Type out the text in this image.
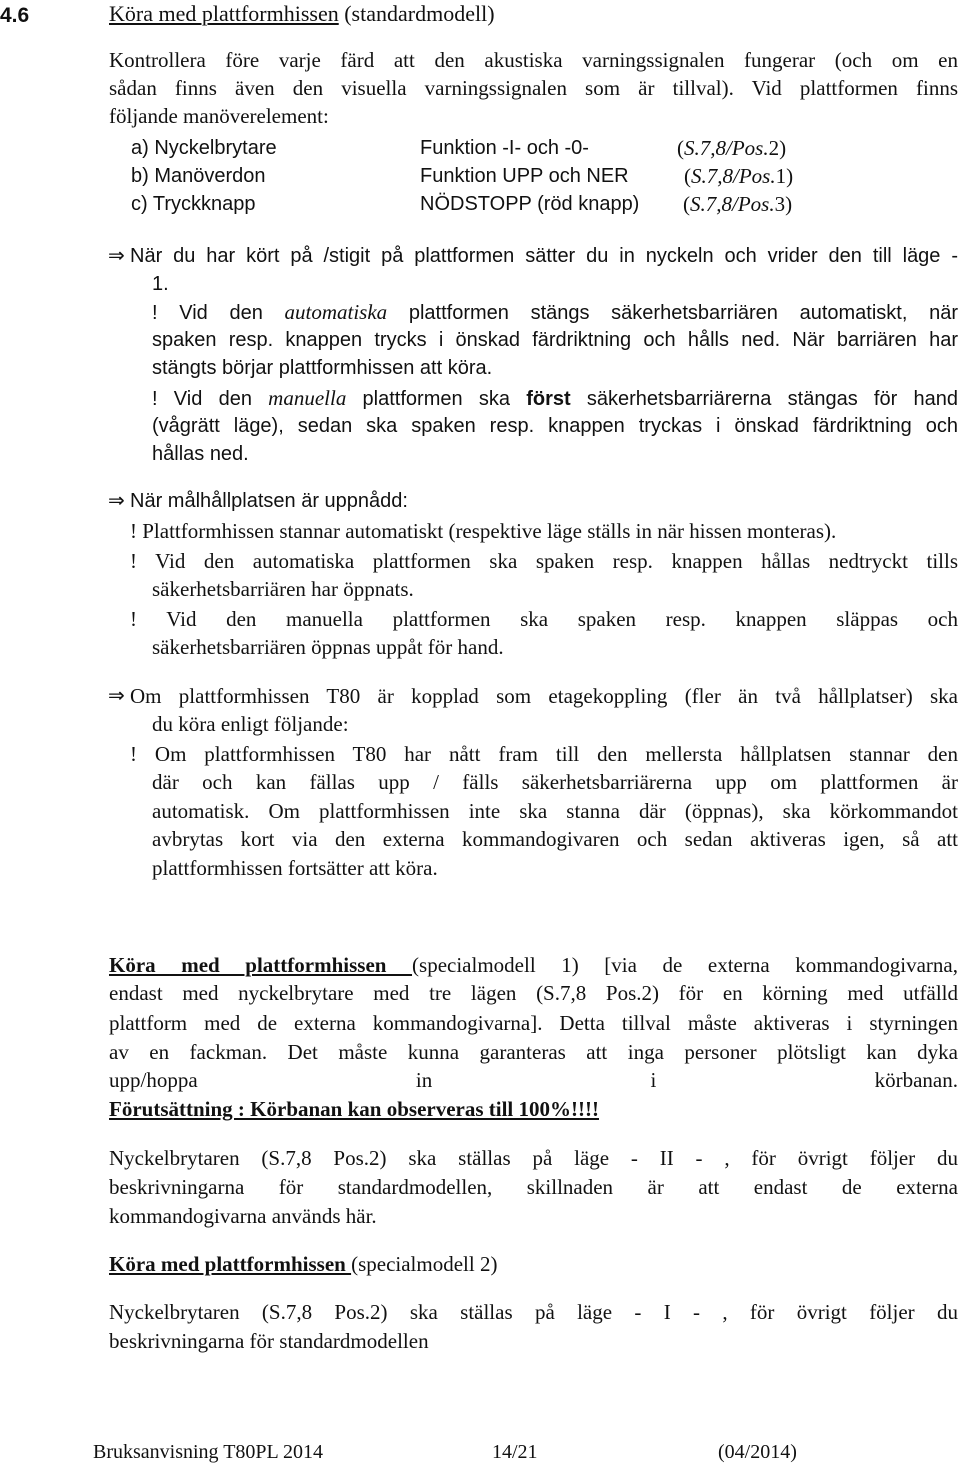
4.6	Köra med plattformhissen (standardmodell)
Kontrollera före varje färd att den akustiska varningssignalen fungerar (och om en
sådan finns även den visuella varningssignalen som är tillval). Vid plattformen finns
följande manöverelement:
a) Nyckelbrytare	Funktion -I- och -0-	(S.7,8/Pos.2)
b) Manöverdon	Funktion UPP och NER	(S.7,8/Pos.1)
c) Tryckknapp	NÖDSTOPP (röd knapp) (S.7,8/Pos.3)
⇒ När du har kört på /stigit på plattformen sätter du in nyckeln och vrider den till läge -
1.
! Vid den automatiska plattformen stängs säkerhetsbarriären automatiskt, när
spaken resp. knappen trycks i önskad färdriktning och hålls ned. När barriären har
stängts börjar plattformhissen att köra.
! Vid den manuella plattformen ska först säkerhetsbarriärerna stängas för hand
(vågrätt läge), sedan ska spaken resp. knappen tryckas i önskad färdriktning och
hållas ned.
⇒ När målhållplatsen är uppnådd:
! Plattformhissen stannar automatiskt (respektive läge ställs in när hissen monteras).
! Vid den automatiska plattformen ska spaken resp. knappen hållas nedtryckt tills
säkerhetsbarriären har öppnats.
! Vid den manuella plattformen ska spaken resp. knappen släppas och
säkerhetsbarriären öppnas uppåt för hand.
⇒ Om plattformhissen T80 är kopplad som etagekoppling (fler än två hållplatser) ska
du köra enligt följande:
! Om plattformhissen T80 har nått fram till den mellersta hållplatsen stannar den
där och kan fällas upp / fälls säkerhetsbarriärerna upp om plattformen är
automatisk. Om plattformhissen inte ska stanna där (öppnas), ska körkommandot
avbrytas kort via den externa kommandogivaren och sedan aktiveras igen, så att
plattformhissen fortsätter att köra.
Köra med plattformhissen (specialmodell 1) [via de externa kommandogivarna,
endast med nyckelbrytare med tre lägen (S.7,8 Pos.2) för en körning med utfälld
plattform med de externa kommandogivarna]. Detta tillval måste aktiveras i styrningen
av en fackman. Det måste kunna garanteras att inga personer plötsligt kan dyka
upp/hoppa in i körbanan.
Förutsättning : Körbanan kan observeras till 100%!!!!
Nyckelbrytaren (S.7,8 Pos.2) ska ställas på läge - II - , för övrigt följer du
beskrivningarna för standardmodellen, skillnaden är att endast de externa
kommandogivarna används här.
Köra med plattformhissen (specialmodell 2)
Nyckelbrytaren (S.7,8 Pos.2) ska ställas på läge - I - , för övrigt följer du
beskrivningarna för standardmodellen
Bruksanvisning T80PL 2014	14/21	(04/2014)
